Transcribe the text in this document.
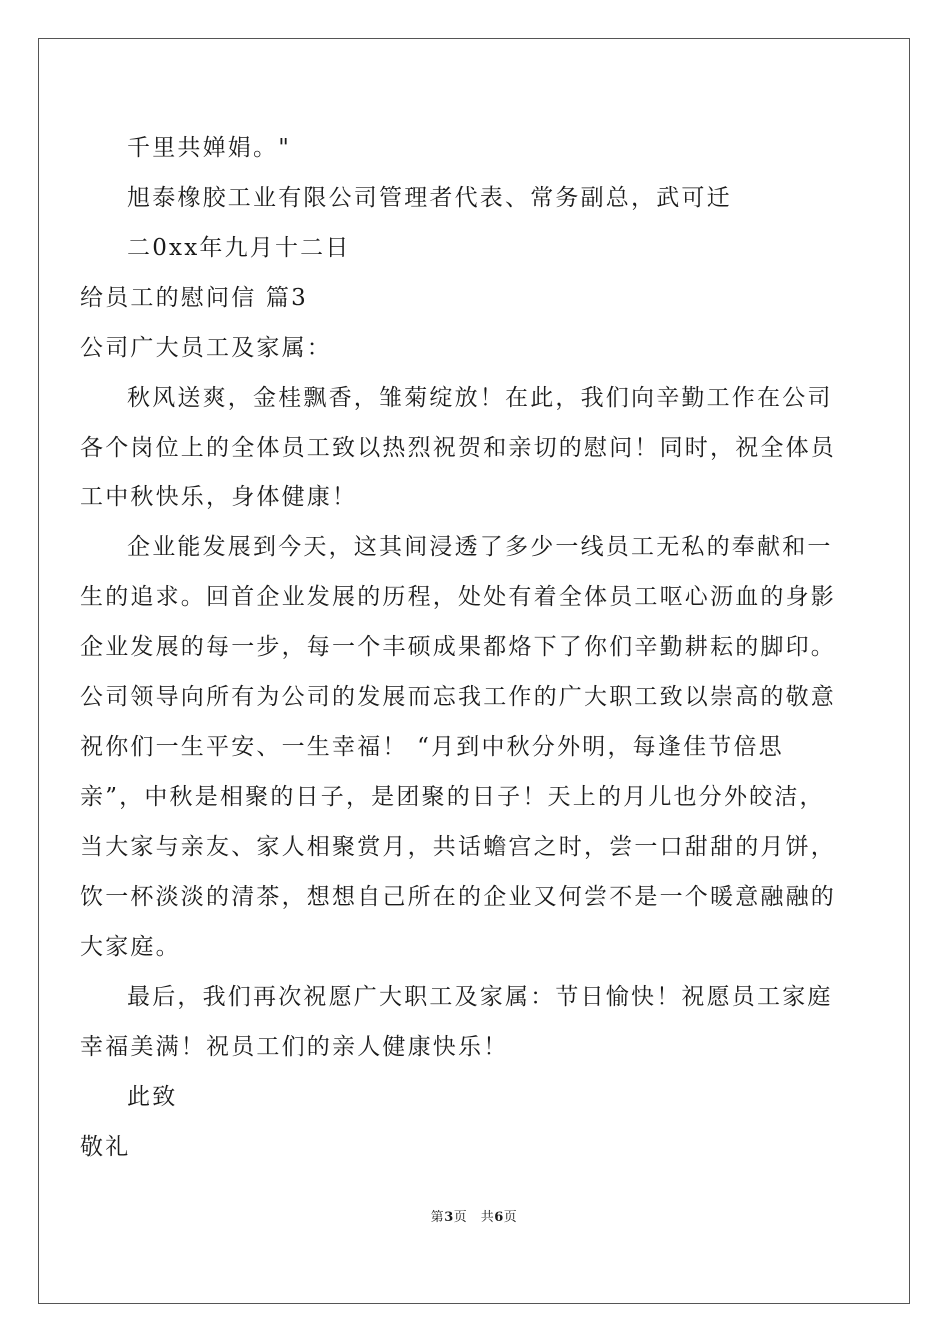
千里共婵娟。"
旭泰橡胶工业有限公司管理者代表、常务副总，武可迁
二0xx年九月十二日
给员工的慰问信 篇3
公司广大员工及家属：
秋风送爽，金桂飘香，雏菊绽放！在此，我们向辛勤工作在公司
各个岗位上的全体员工致以热烈祝贺和亲切的慰问！同时，祝全体员
工中秋快乐，身体健康！
企业能发展到今天，这其间浸透了多少一线员工无私的奉献和一
生的追求。回首企业发展的历程，处处有着全体员工呕心沥血的身影
企业发展的每一步，每一个丰硕成果都烙下了你们辛勤耕耘的脚印。
公司领导向所有为公司的发展而忘我工作的广大职工致以崇高的敬意
祝你们一生平安、一生幸福！ “月到中秋分外明，每逢佳节倍思
亲”，中秋是相聚的日子，是团聚的日子！天上的月儿也分外皎洁，
当大家与亲友、家人相聚赏月，共话蟾宫之时，尝一口甜甜的月饼，
饮一杯淡淡的清茶，想想自己所在的企业又何尝不是一个暖意融融的
大家庭。
最后，我们再次祝愿广大职工及家属：节日愉快！祝愿员工家庭
幸福美满！祝员工们的亲人健康快乐！
此致
敬礼
第3页　共6页
